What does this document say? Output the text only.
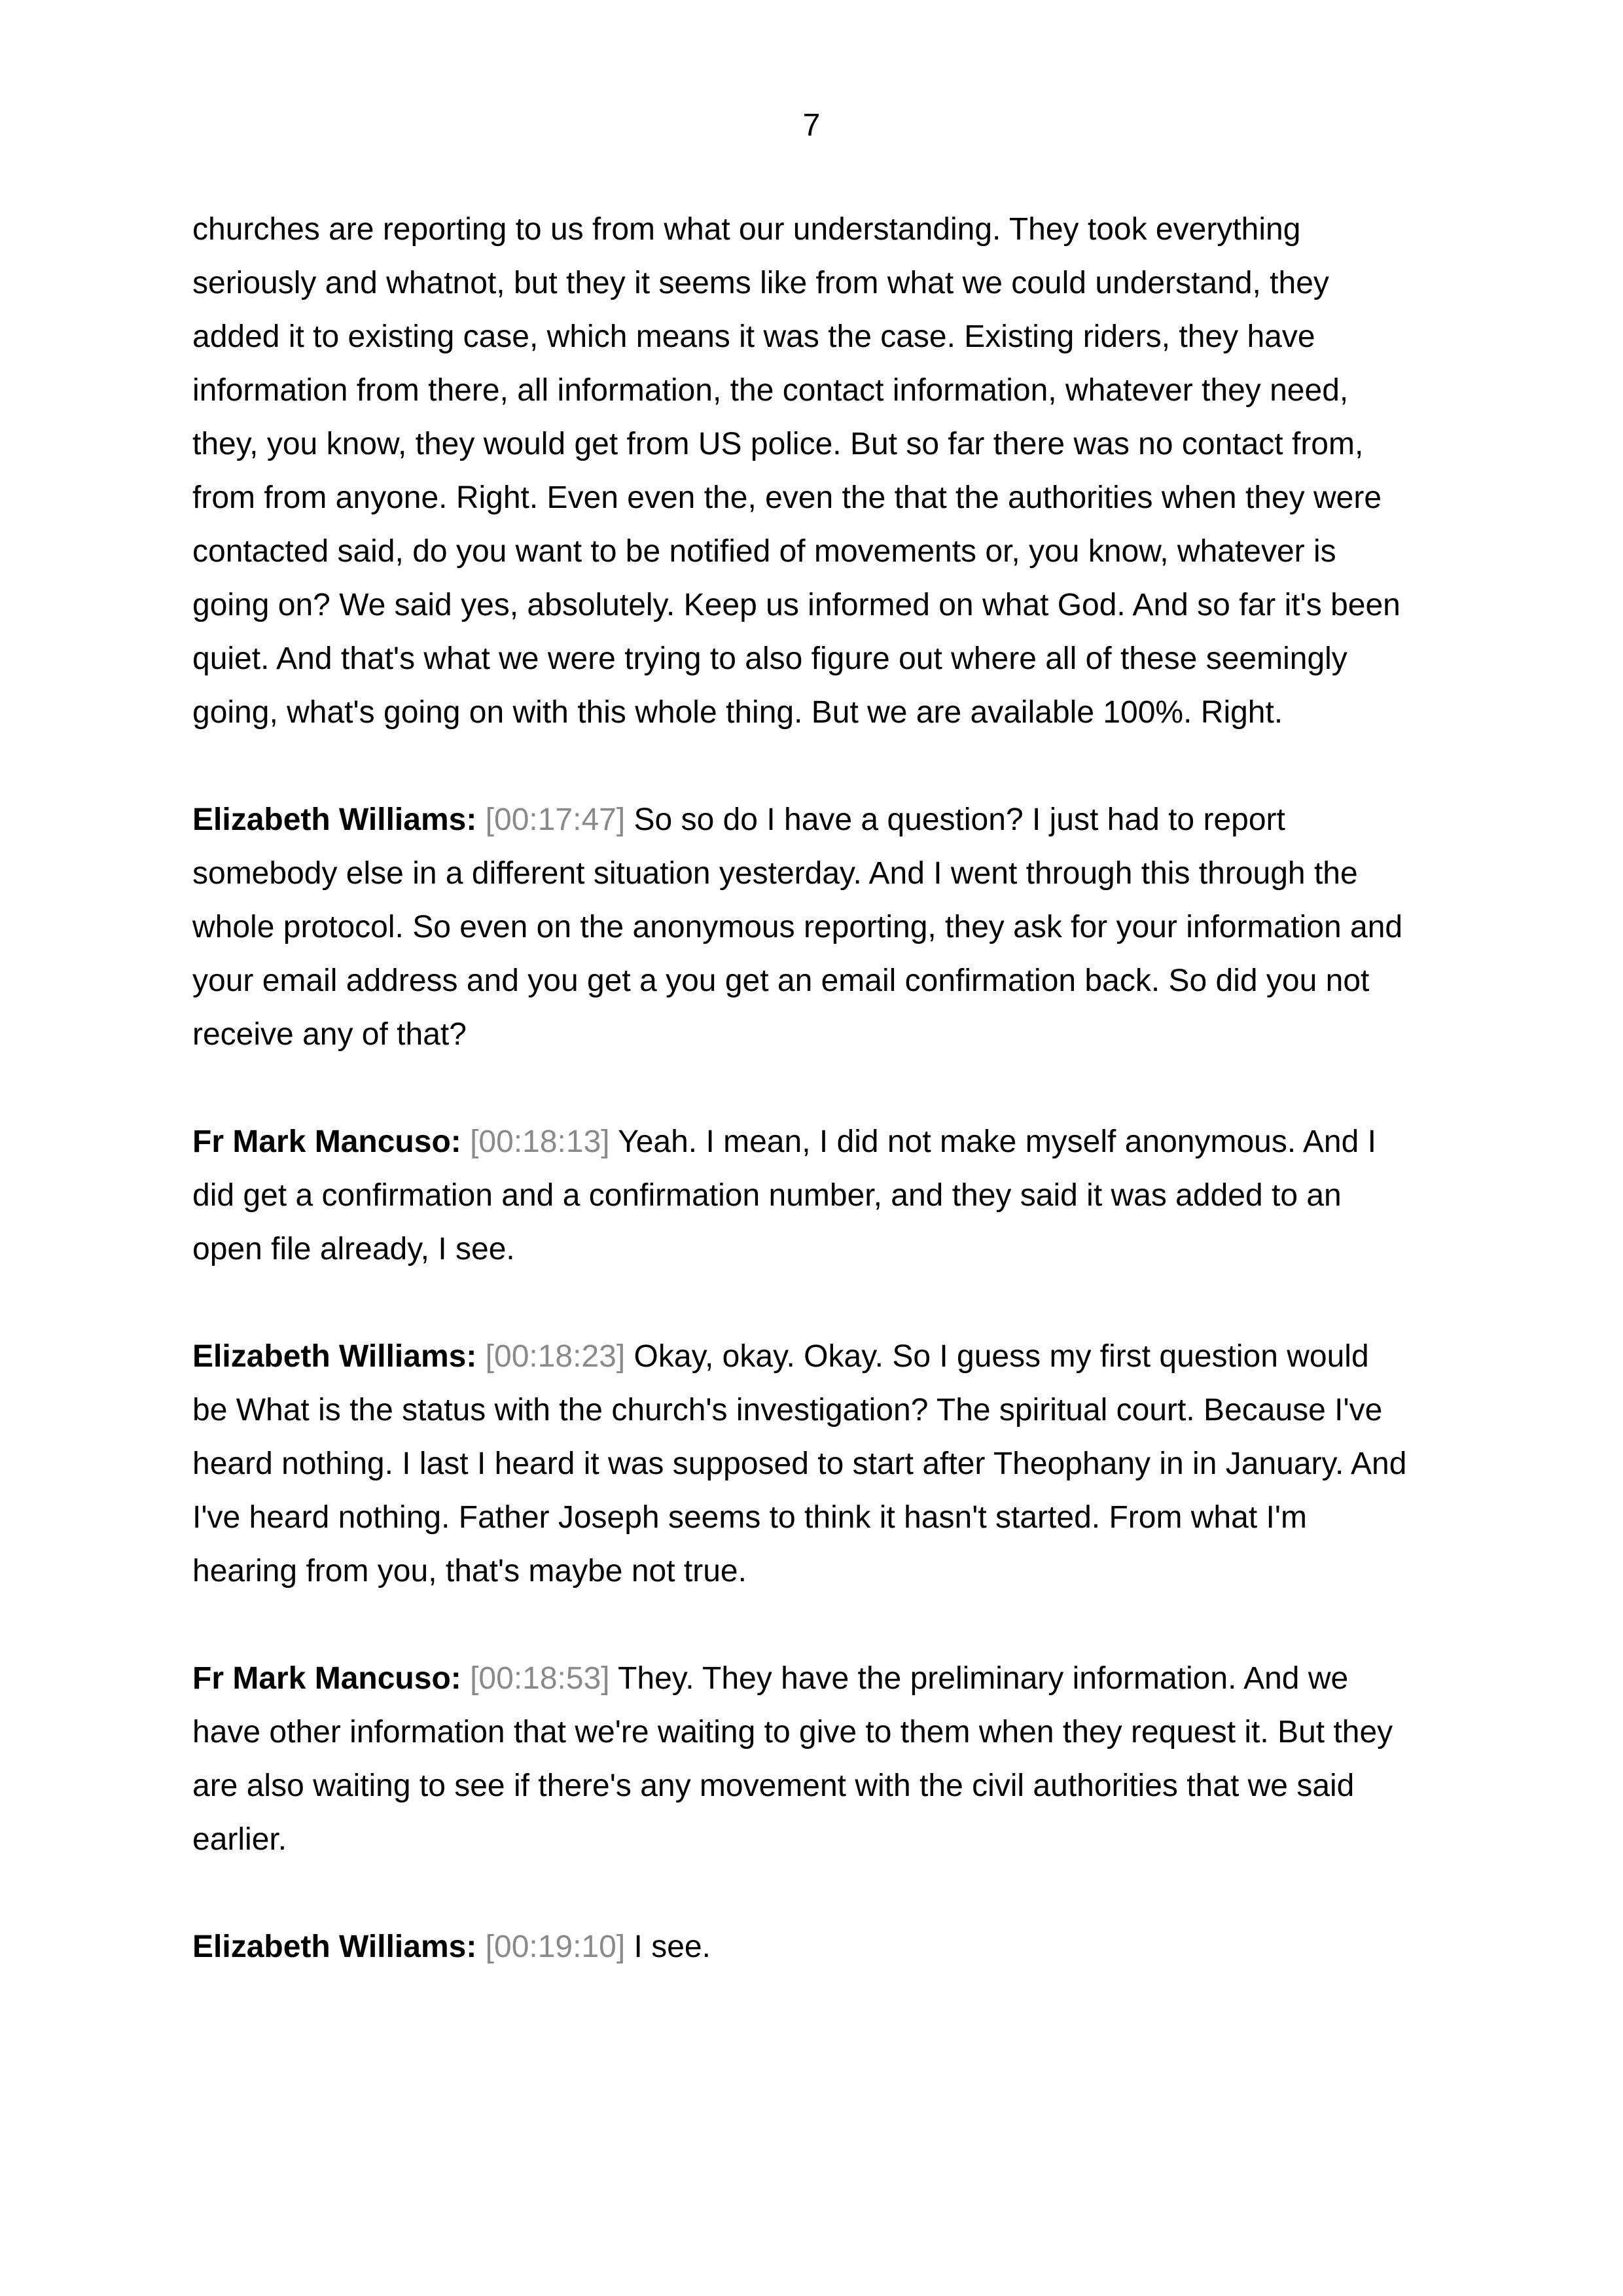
7

churches are reporting to us from what our understanding. They took everything
seriously and whatnot, but they it seems like from what we could understand, they
added it to existing case, which means it was the case. Existing riders, they have
information from there, all information, the contact information, whatever they need,
they, you know, they would get from US police. But so far there was no contact from,
from from anyone. Right. Even even the, even the that the authorities when they were
contacted said, do you want to be notified of movements or, you know, whatever is
going on? We said yes, absolutely. Keep us informed on what God. And so far it's been
quiet. And that's what we were trying to also figure out where all of these seemingly
going, what's going on with this whole thing. But we are available 100%. Right.

Elizabeth Williams: [00:17:47] So so do I have a question? I just had to report
somebody else in a different situation yesterday. And I went through this through the
whole protocol. So even on the anonymous reporting, they ask for your information and
your email address and you get a you get an email confirmation back. So did you not
receive any of that?

Fr Mark Mancuso: [00:18:13] Yeah. I mean, I did not make myself anonymous. And I
did get a confirmation and a confirmation number, and they said it was added to an
open file already, I see.

Elizabeth Williams: [00:18:23] Okay, okay. Okay. So I guess my first question would
be What is the status with the church's investigation? The spiritual court. Because I've
heard nothing. I last I heard it was supposed to start after Theophany in in January. And
I've heard nothing. Father Joseph seems to think it hasn't started. From what I'm
hearing from you, that's maybe not true.

Fr Mark Mancuso: [00:18:53] They. They have the preliminary information. And we
have other information that we're waiting to give to them when they request it. But they
are also waiting to see if there's any movement with the civil authorities that we said
earlier.

Elizabeth Williams: [00:19:10] I see.
